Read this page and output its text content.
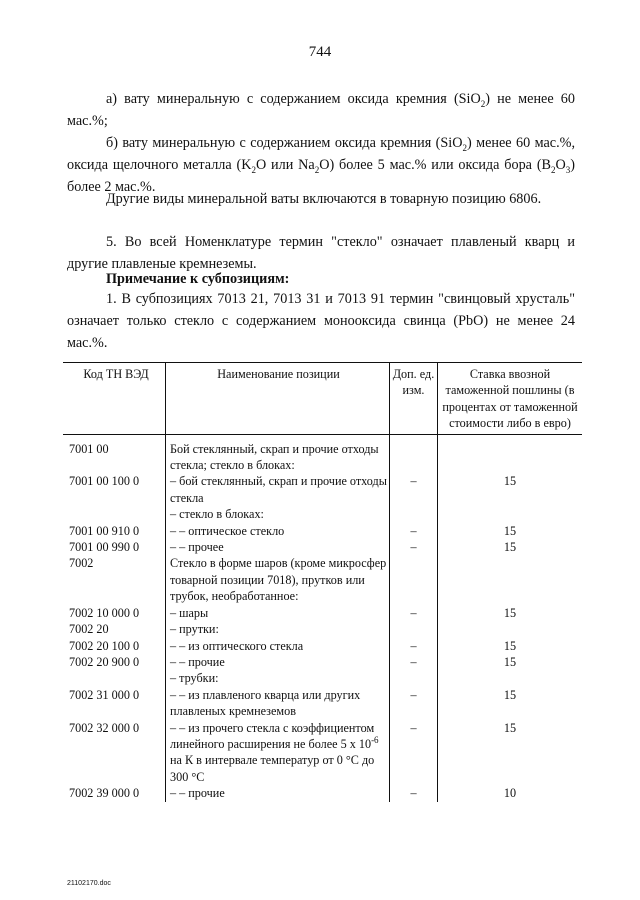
744

а) вату минеральную с содержанием оксида кремния (SiO$_2$) не менее 60 мас.%;

б) вату минеральную с содержанием оксида кремния (SiO$_2$) менее 60 мас.%, оксида щелочного металла ($K_2O$ или $Na_2O$) более 5 мас.% или оксида бора $(B_2O_3)$ более 2 мас.%.

Другие виды минеральной ваты включаются в товарную позицию 6806.

5. Во всей Номенклатуре термин "стекло" означает плавленый кварц и другие плавленые кремнеземы.

Примечание к субпозициям:

1. В субпозициях 7013 21, 7013 31 и 7013 91 термин "свинцовый хрусталь" означает только стекло с содержанием монооксида свинца (PbO) не менее 24 мас.%.

Код ТН ВЭД	Наименование позиции	Доп. ед. изм.	Ставка ввозной таможенной пошлины (в процентах от таможенной стоимости либо в евро)
7001 00	Бой стеклянный, скрап и прочие отходы стекла; стекло в блоках:		
7001 00 100 0	– бой стеклянный, скрап и прочие отходы стекла	–	15
	– стекло в блоках:		
7001 00 910 0	– – оптическое стекло	–	15
7001 00 990 0	– – прочее	–	15
7002	Стекло в форме шаров (кроме микросфер товарной позиции 7018), прутков или трубок, необработанное:		
7002 10 000 0	– шары	–	15
7002 20	– прутки:		
7002 20 100 0	– – из оптического стекла	–	15
7002 20 900 0	– – прочие	–	15
	– трубки:		
7002 31 000 0	– – из плавленого кварца или других плавленых кремнеземов	–	15
7002 32 000 0	– – из прочего стекла с коэффициентом линейного расширения не более 5 x $10^{-6}$ на К в интервале температур от 0 °С до 300 °С	–	15
7002 39 000 0	– – прочие	–	10
21102170.doc
